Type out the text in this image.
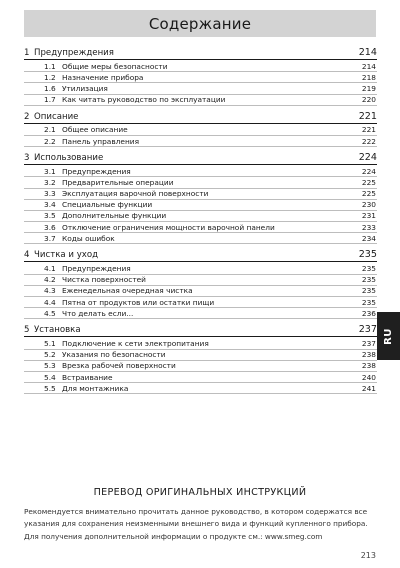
Содержание
1 Предупреждения	214
1.1 Общие меры безопасности	214
1.2 Назначение прибора	218
1.6 Утилизация	219
1.7 Как читать руководство по эксплуатации	220
2 Описание	221
2.1 Общее описание	221
2.2 Панель управления	222
3 Использование	224
3.1 Предупреждения	224
3.2 Предварительные операции	225
3.3 Эксплуатация варочной поверхности	225
3.4 Специальные функции	230
3.5 Дополнительные функции	231
3.6 Отключение ограничения мощности варочной панели	233
3.7 Коды ошибок	234
4 Чистка и уход	235
4.1 Предупреждения	235
4.2 Чистка поверхностей	235
4.3 Еженедельная очередная чистка	235
4.4 Пятна от продуктов или остатки пищи	235
4.5 Что делать если...	236
5 Установка	237
5.1 Подключение к сети электропитания	237
5.2 Указания по безопасности	238
5.3 Врезка рабочей поверхности	238
5.4 Встраивание	240
5.5 Для монтажника	241
RU
ПЕРЕВОД ОРИГИНАЛЬНЫХ ИНСТРУКЦИЙ

Рекомендуется внимательно прочитать данное руководство, в котором содержатся все указания для сохранения неизменными внешнего вида и функций купленного прибора. Для получения дополнительной информации о продукте см.: www.smeg.com

213
